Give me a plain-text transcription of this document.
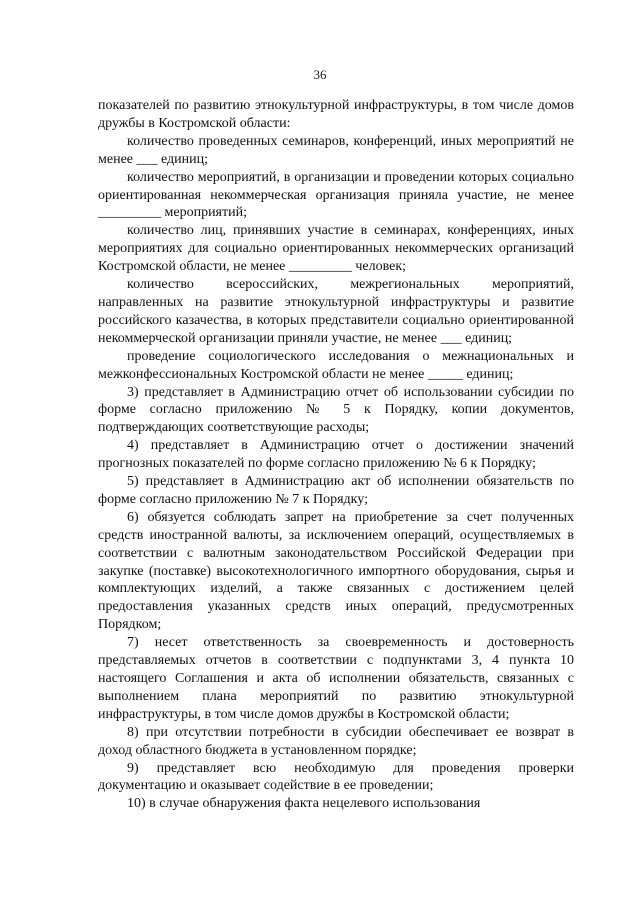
36

показателей по развитию этнокультурной инфраструктуры, в том числе домов дружбы в Костромской области:

количество проведенных семинаров, конференций, иных мероприятий не менее ___ единиц;

количество мероприятий, в организации и проведении которых социально ориентированная некоммерческая организация приняла участие, не менее _________ мероприятий;

количество лиц, принявших участие в семинарах, конференциях, иных мероприятиях для социально ориентированных некоммерческих организаций Костромской области, не менее _________ человек;

количество всероссийских, межрегиональных мероприятий, направленных на развитие этнокультурной инфраструктуры и развитие российского казачества, в которых представители социально ориентированной некоммерческой организации приняли участие, не менее ___ единиц;

проведение социологического исследования о межнациональных и межконфессиональных Костромской области не менее _____ единиц;

3) представляет в Администрацию отчет об использовании субсидии по форме согласно приложению № 5 к Порядку, копии документов, подтверждающих соответствующие расходы;

4) представляет в Администрацию отчет о достижении значений прогнозных показателей по форме согласно приложению № 6 к Порядку;

5) представляет в Администрацию акт об исполнении обязательств по форме согласно приложению № 7 к Порядку;

6) обязуется соблюдать запрет на приобретение за счет полученных средств иностранной валюты, за исключением операций, осуществляемых в соответствии с валютным законодательством Российской Федерации при закупке (поставке) высокотехнологичного импортного оборудования, сырья и комплектующих изделий, а также связанных с достижением целей предоставления указанных средств иных операций, предусмотренных Порядком;

7) несет ответственность за своевременность и достоверность представляемых отчетов в соответствии с подпунктами 3, 4 пункта 10 настоящего Соглашения и акта об исполнении обязательств, связанных с выполнением плана мероприятий по развитию этнокультурной инфраструктуры, в том числе домов дружбы в Костромской области;

8) при отсутствии потребности в субсидии обеспечивает ее возврат в доход областного бюджета в установленном порядке;

9) представляет всю необходимую для проведения проверки документацию и оказывает содействие в ее проведении;

10) в случае обнаружения факта нецелевого использования
